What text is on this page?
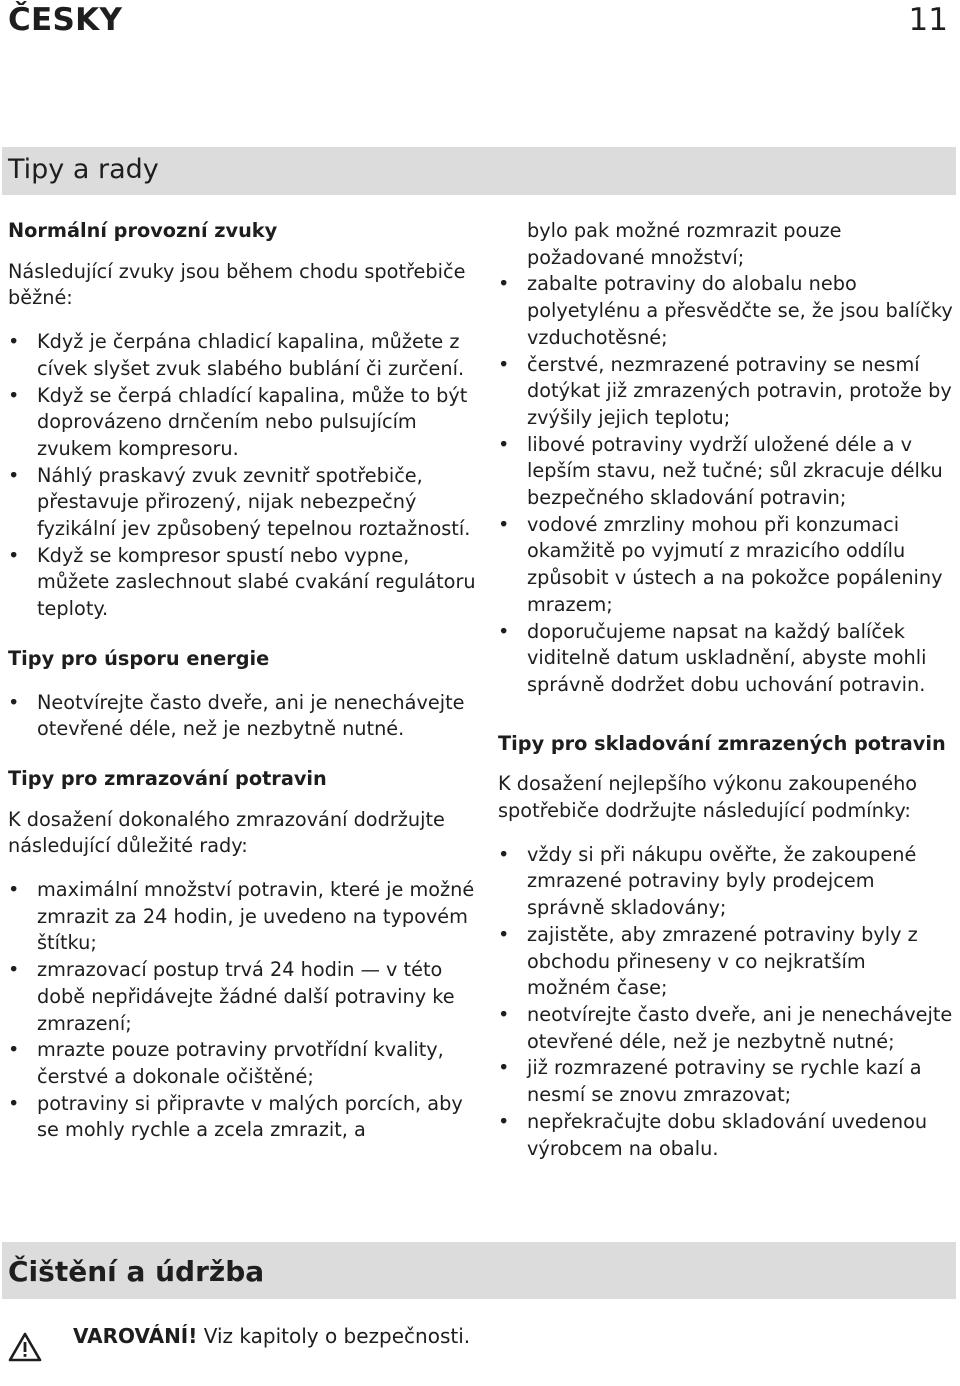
ČESKY	11
Tipy a rady
Normální provozní zvuky

Následující zvuky jsou během chodu spotřebiče běžné:

• Když je čerpána chladicí kapalina, můžete z cívek slyšet zvuk slabého bublání či zurčení.
• Když se čerpá chladící kapalina, může to být doprovázeno drnčením nebo pulsujícím zvukem kompresoru.
• Náhlý praskavý zvuk zevnitř spotřebiče, přestavuje přirozený, nijak nebezpečný fyzikální jev způsobený tepelnou roztažností.
• Když se kompresor spustí nebo vypne, můžete zaslechnout slabé cvakání regulátoru teploty.
Tipy pro úsporu energie
• Neotvírejte často dveře, ani je nenechávejte otevřené déle, než je nezbytně nutné.
Tipy pro zmrazování potravin

K dosažení dokonalého zmrazování dodržujte následující důležité rady:

• maximální množství potravin, které je možné zmrazit za 24 hodin, je uvedeno na typovém štítku;
• zmrazovací postup trvá 24 hodin — v této době nepřidávejte žádné další potraviny ke zmrazení;
• mrazte pouze potraviny prvotřídní kvality, čerstvé a dokonale očištěné;
• potraviny si připravte v malých porcích, aby se mohly rychle a zcela zmrazit, a
bylo pak možné rozmrazit pouze požadované množství;
• zabalte potraviny do alobalu nebo polyetylénu a přesvědčte se, že jsou balíčky vzduchotěsné;
• čerstvé, nezmrazené potraviny se nesmí dotýkat již zmrazených potravin, protože by zvýšily jejich teplotu;
• libové potraviny vydrží uložené déle a v lepším stavu, než tučné; sůl zkracuje délku bezpečného skladování potravin;
• vodové zmrzliny mohou při konzumaci okamžitě po vyjmutí z mrazicího oddílu způsobit v ústech a na pokožce popáleniny mrazem;
• doporučujeme napsat na každý balíček viditelně datum uskladnění, abyste mohli správně dodržet dobu uchování potravin.
Tipy pro skladování zmrazených potravin

K dosažení nejlepšího výkonu zakoupeného spotřebiče dodržujte následující podmínky:

• vždy si při nákupu ověřte, že zakoupené zmrazené potraviny byly prodejcem správně skladovány;
• zajistěte, aby zmrazené potraviny byly z obchodu přineseny v co nejkratším možném čase;
• neotvírejte často dveře, ani je nenechávejte otevřené déle, než je nezbytně nutné;
• již rozmrazené potraviny se rychle kazí a nesmí se znovu zmrazovat;
• nepřekračujte dobu skladování uvedenou výrobcem na obalu.
Čištění a údržba
VAROVÁNÍ! Viz kapitoly o bezpečnosti.
